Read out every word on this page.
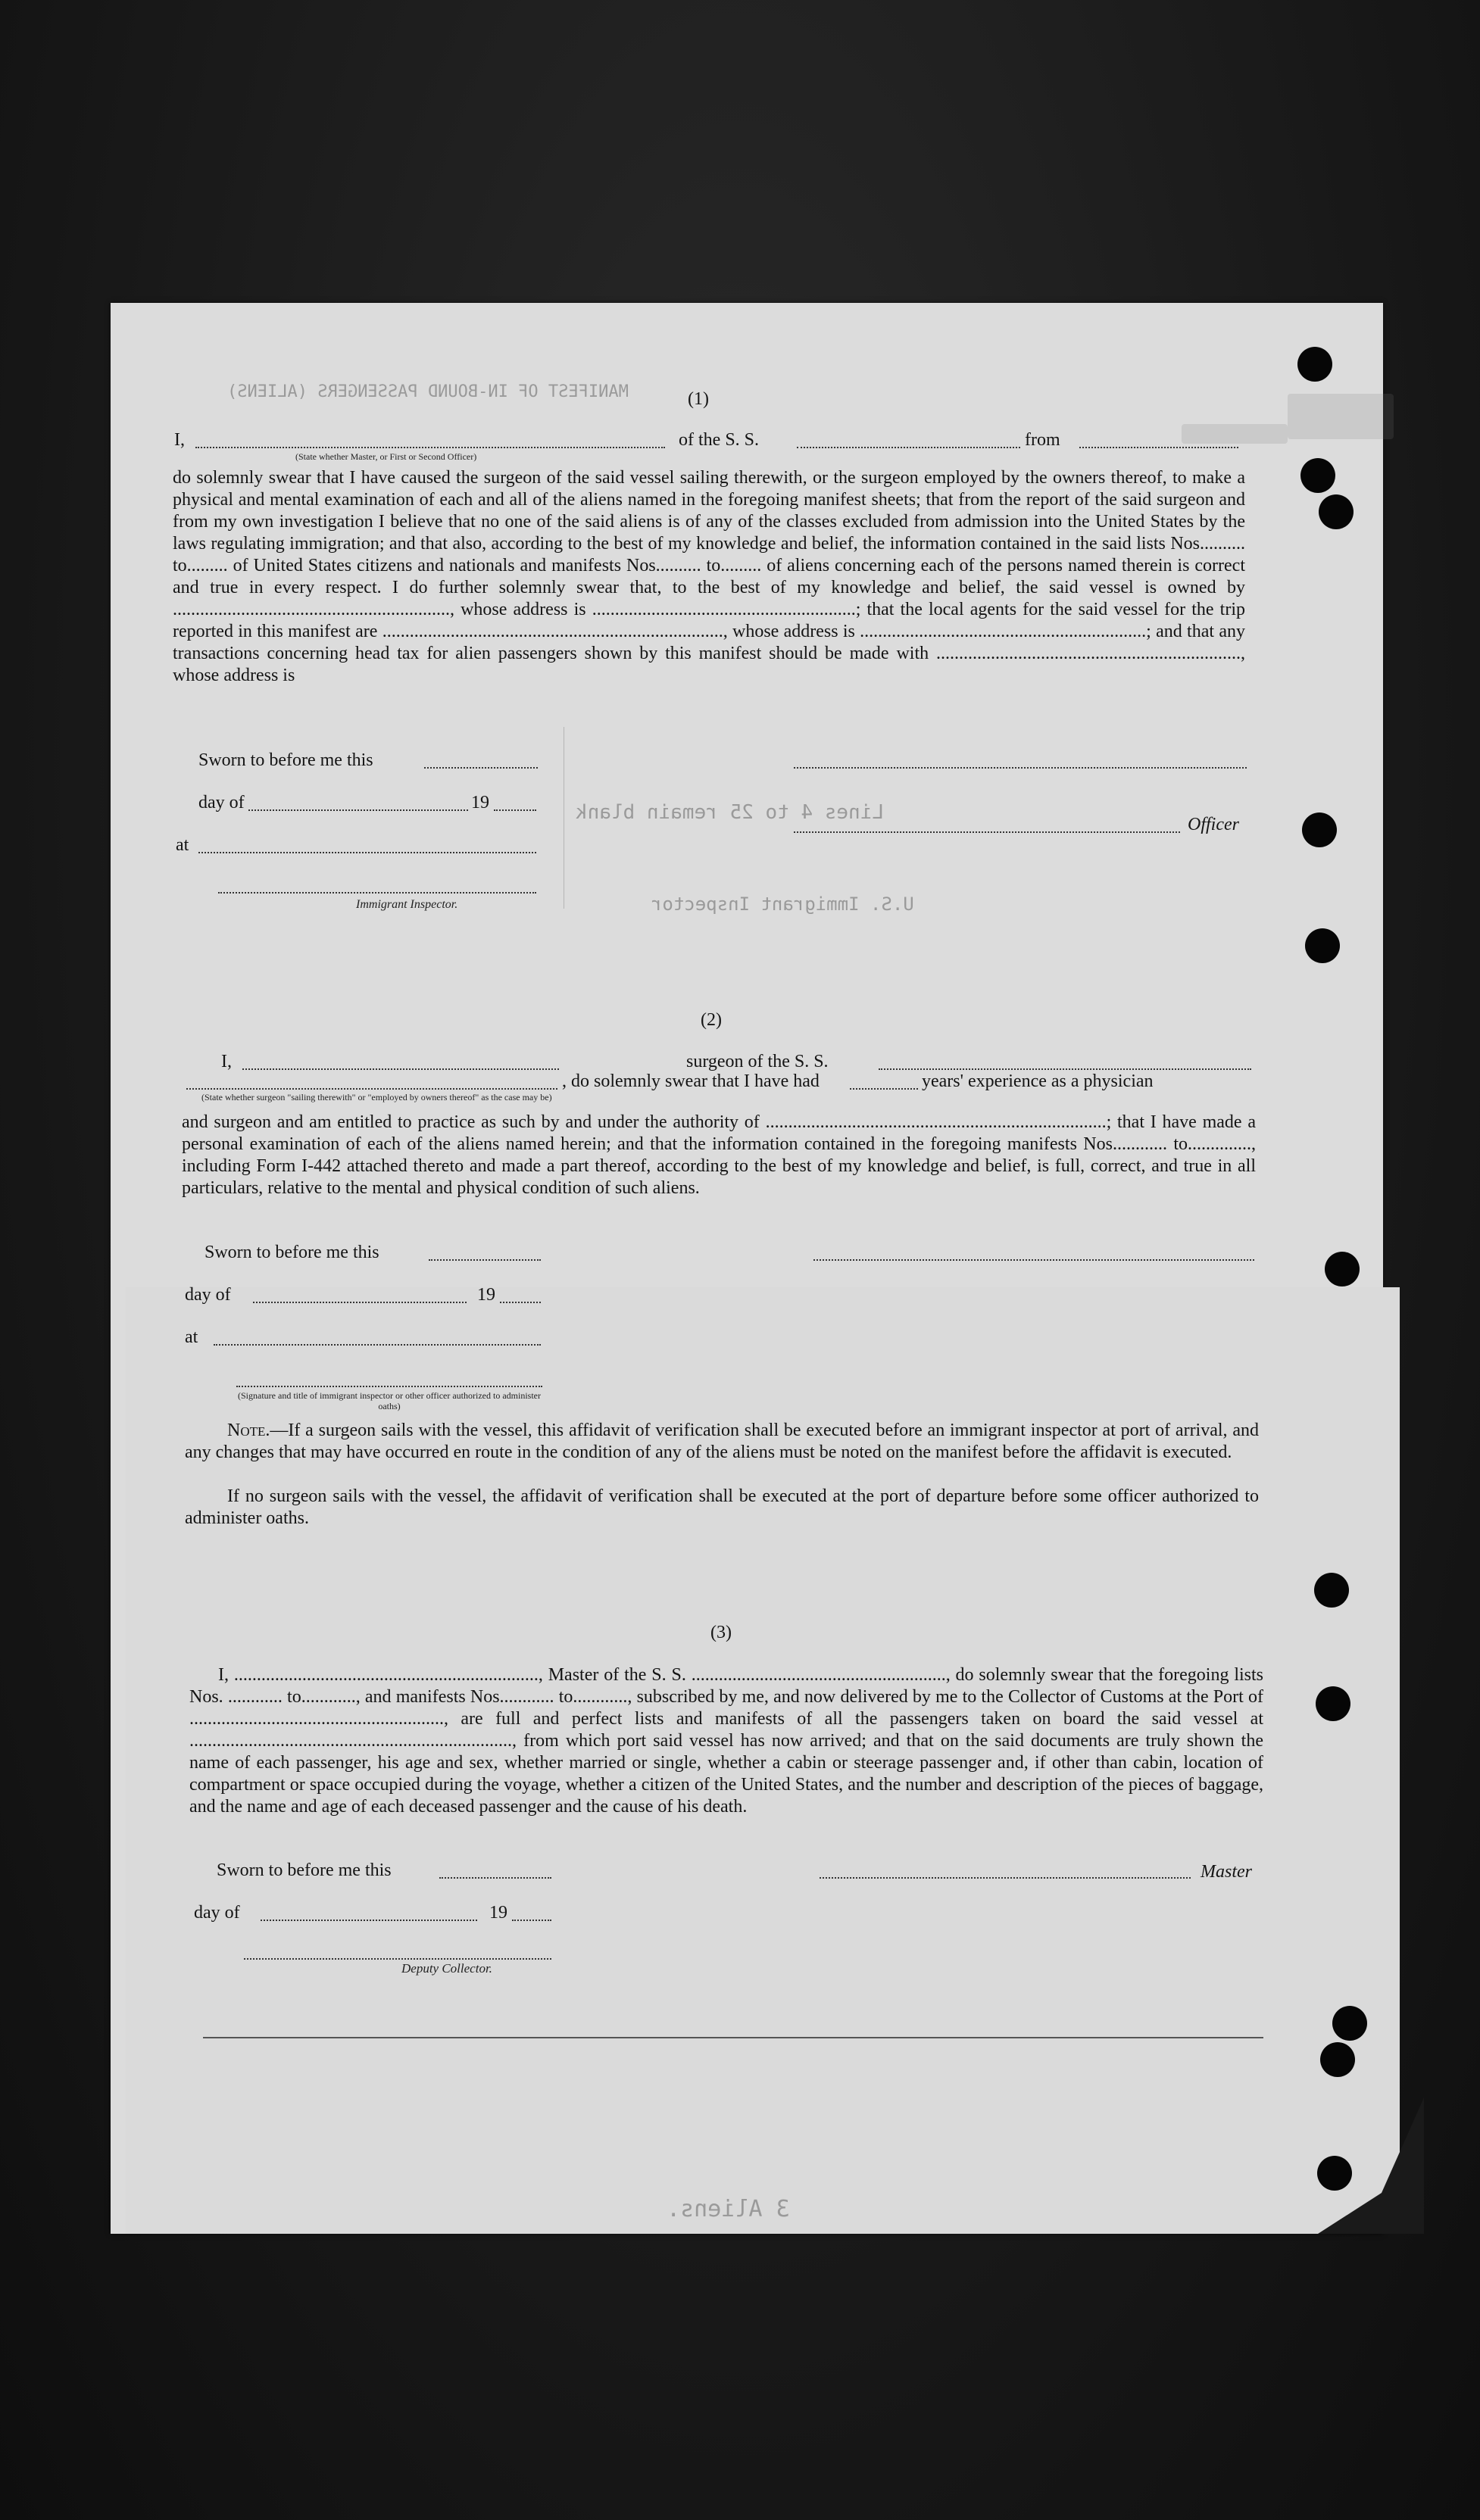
MANIFEST OF IN-BOUND PASSENGERS (ALIENS)
Lines 4 to 25 remain blank
U.S. Immigrant Inspector
3 Aliens.
(1)
I,	of the S. S.	from
(State whether Master, or First or Second Officer)
do solemnly swear that I have caused the surgeon of the said vessel sailing therewith, or the surgeon employed by the owners thereof, to make a physical and mental examination of each and all of the aliens named in the foregoing manifest sheets; that from the report of the said surgeon and from my own investigation I believe that no one of the said aliens is of any of the classes excluded from admission into the United States by the laws regulating immigration; and that also, according to the best of my knowledge and belief, the information contained in the said lists Nos.......... to......... of United States citizens and nationals and manifests Nos.......... to......... of aliens concerning each of the persons named therein is correct and true in every respect. I do further solemnly swear that, to the best of my knowledge and belief, the said vessel is owned by ............................................................., whose address is ..........................................................; that the local agents for the said vessel for the trip reported in this manifest are ..........................................................................., whose address is ...............................................................; and that any transactions concerning head tax for alien passengers shown by this manifest should be made with ..................................................................., whose address is
Sworn to before me this
day of	19
Officer
at
Immigrant Inspector.
(2)
I,
, do solemnly swear that I have had
surgeon of the S. S.
years' experience as a physician
(State whether surgeon "sailing therewith" or "employed by owners thereof" as the case may be)
and surgeon and am entitled to practice as such by and under the authority of ...........................................................................; that I have made a personal examination of each of the aliens named herein; and that the information contained in the foregoing manifests Nos............ to.............., including Form I-442 attached thereto and made a part thereof, according to the best of my knowledge and belief, is full, correct, and true in all particulars, relative to the mental and physical condition of such aliens.
Sworn to before me this
day of	19
at
(Signature and title of immigrant inspector or other officer authorized to administer oaths)
Note.—If a surgeon sails with the vessel, this affidavit of verification shall be executed before an immigrant inspector at port of arrival, and any changes that may have occurred en route in the condition of any of the aliens must be noted on the manifest before the affidavit is executed.
If no surgeon sails with the vessel, the affidavit of verification shall be executed at the port of departure before some officer authorized to administer oaths.
(3)
I, ..................................................................., Master of the S. S. ........................................................, do solemnly swear that the foregoing lists Nos. ............ to............, and manifests Nos............ to............, subscribed by me, and now delivered by me to the Collector of Customs at the Port of ........................................................, are full and perfect lists and manifests of all the passengers taken on board the said vessel at ......................................................................., from which port said vessel has now arrived; and that on the said documents are truly shown the name of each passenger, his age and sex, whether married or single, whether a cabin or steerage passenger and, if other than cabin, location of compartment or space occupied during the voyage, whether a citizen of the United States, and the number and description of the pieces of baggage, and the name and age of each deceased passenger and the cause of his death.
Sworn to before me this	Master
day of	19
Deputy Collector.
